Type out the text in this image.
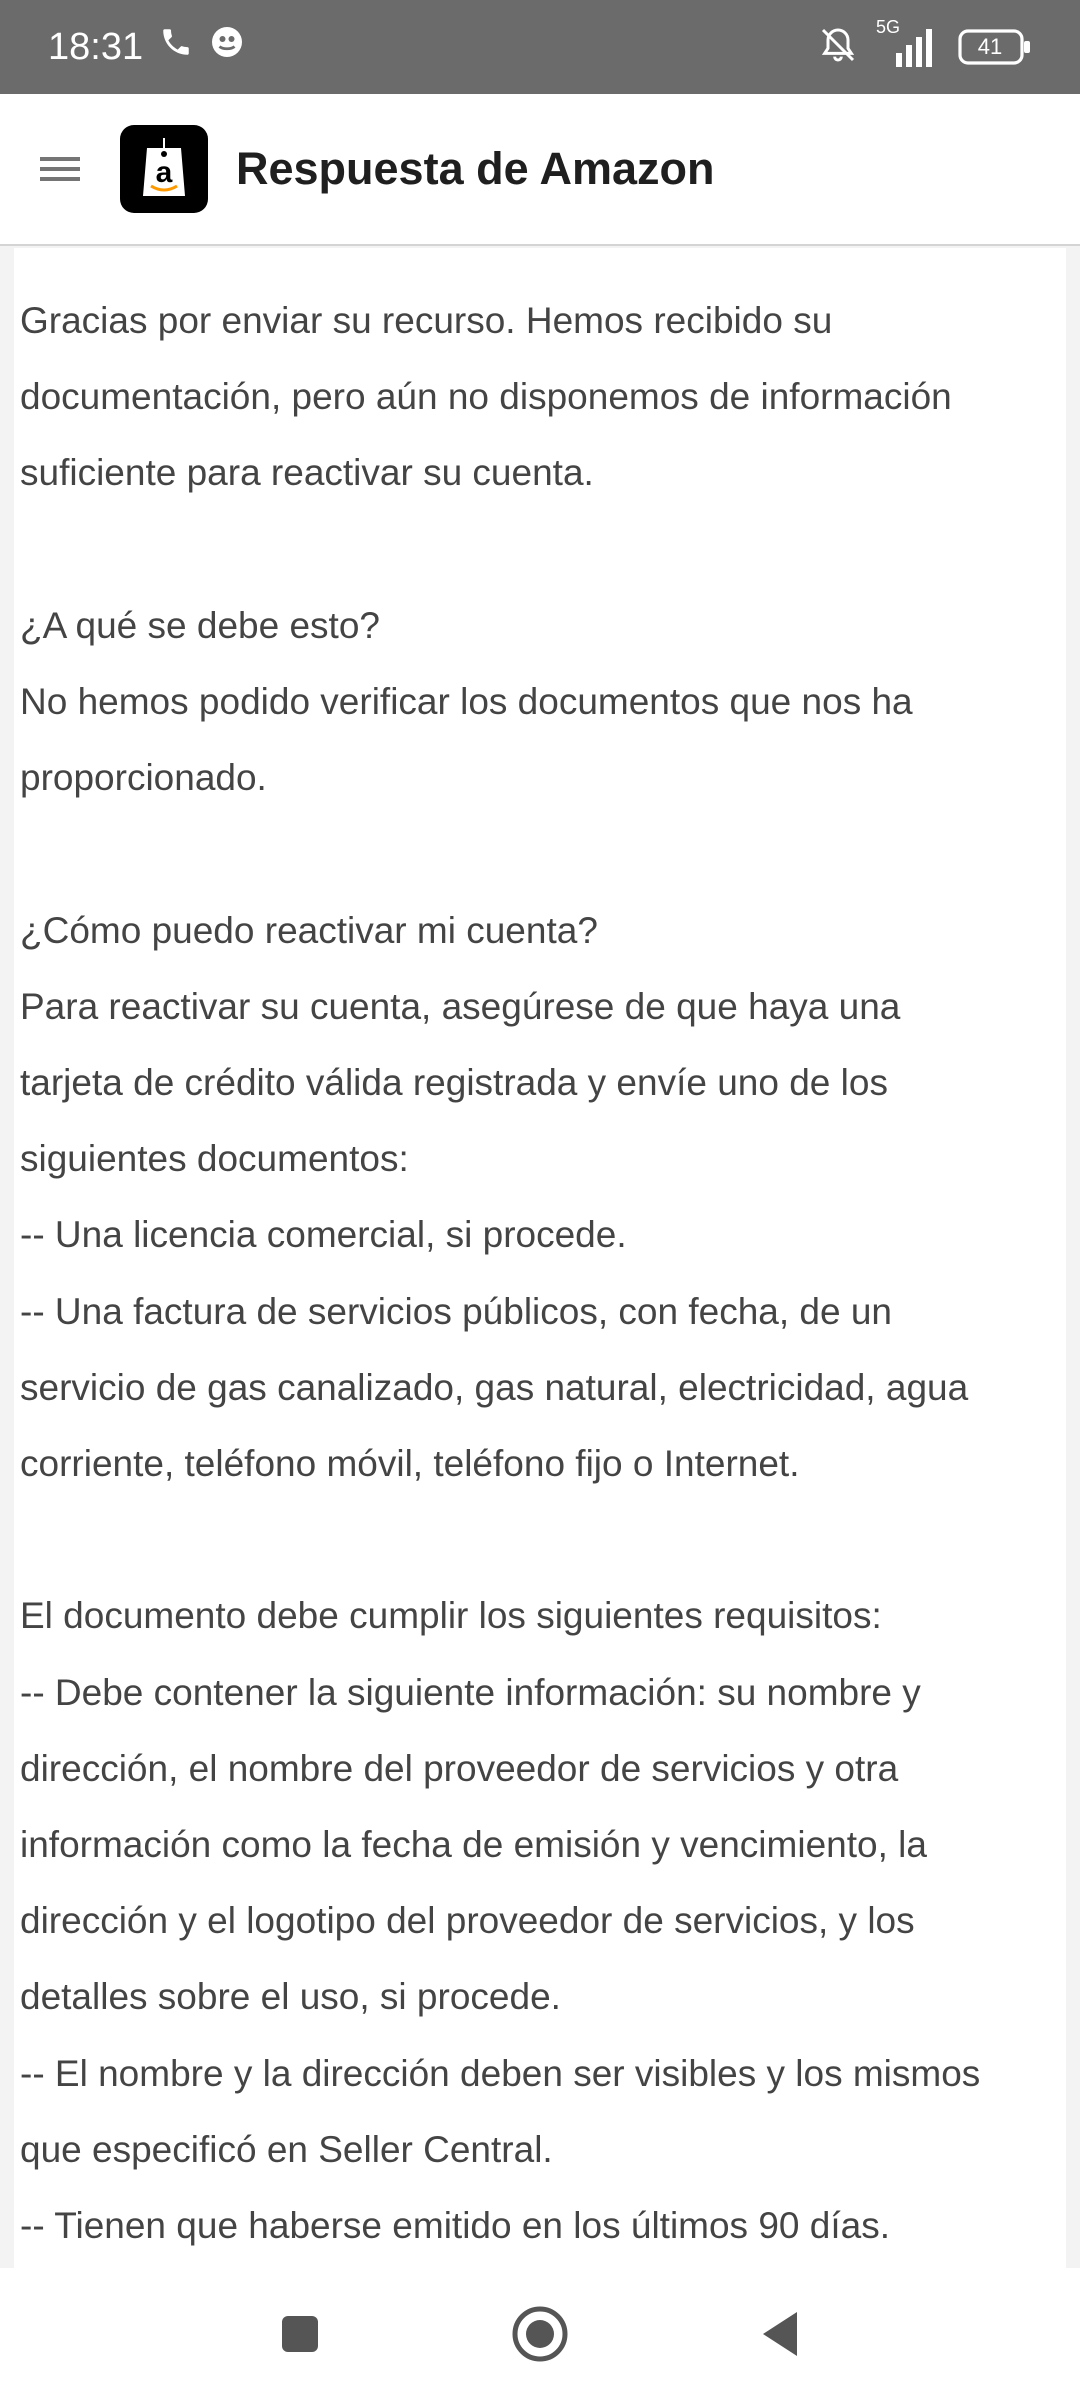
18:31	5G
41
a Respuesta de Amazon

Gracias por enviar su recurso. Hemos recibido su
documentación, pero aún no disponemos de información
suficiente para reactivar su cuenta.

¿A qué se debe esto?
No hemos podido verificar los documentos que nos ha
proporcionado.

¿Cómo puedo reactivar mi cuenta?
Para reactivar su cuenta, asegúrese de que haya una
tarjeta de crédito válida registrada y envíe uno de los
siguientes documentos:
-- Una licencia comercial, si procede.
-- Una factura de servicios públicos, con fecha, de un
servicio de gas canalizado, gas natural, electricidad, agua
corriente, teléfono móvil, teléfono fijo o Internet.

El documento debe cumplir los siguientes requisitos:
-- Debe contener la siguiente información: su nombre y
dirección, el nombre del proveedor de servicios y otra
información como la fecha de emisión y vencimiento, la
dirección y el logotipo del proveedor de servicios, y los
detalles sobre el uso, si procede.
-- El nombre y la dirección deben ser visibles y los mismos
que especificó en Seller Central.
-- Tienen que haberse emitido en los últimos 90 días.
